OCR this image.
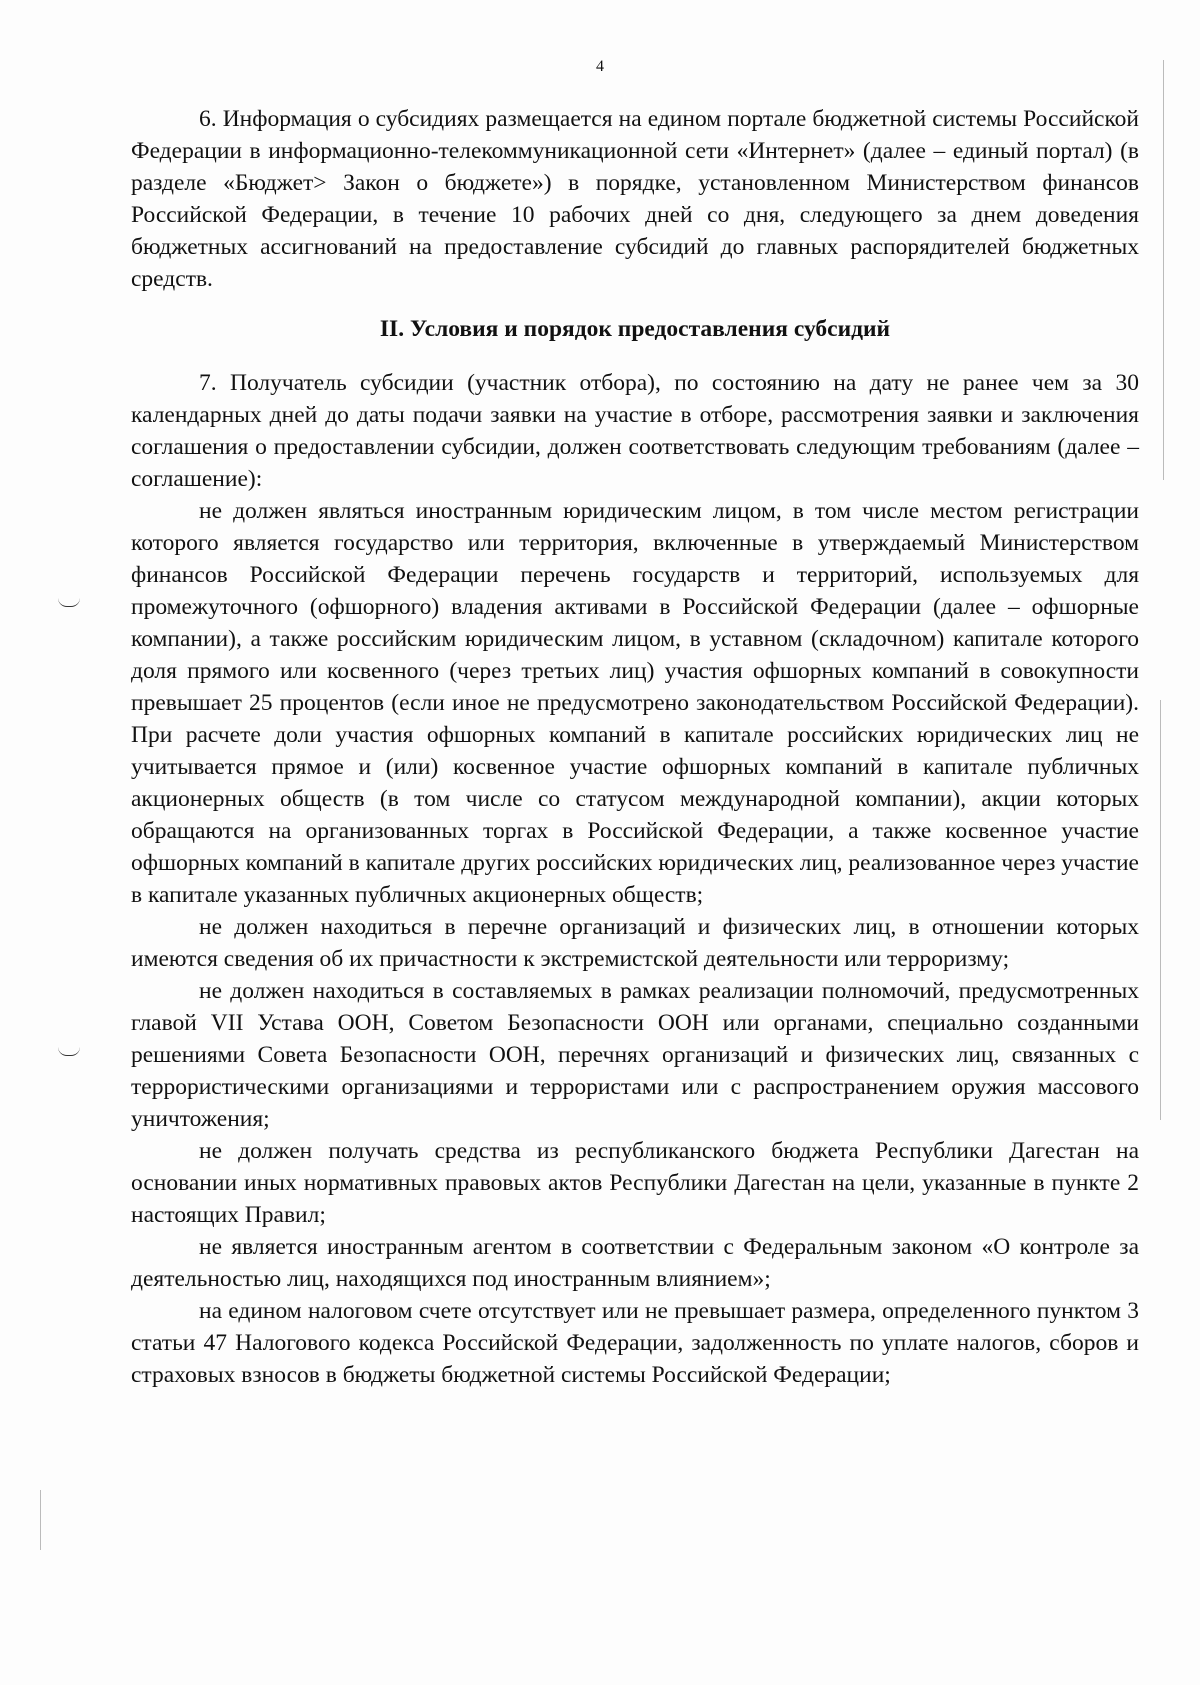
4

6. Информация о субсидиях размещается на едином портале бюджетной системы Российской Федерации в информационно-телекоммуникационной сети «Интернет» (далее – единый портал) (в разделе «Бюджет> Закон о бюджете») в порядке, установленном Министерством финансов Российской Федерации, в течение 10 рабочих дней со дня, следующего за днем доведения бюджетных ассигнований на предоставление субсидий до главных распорядителей бюджетных средств.

II. Условия и порядок предоставления субсидий

7. Получатель субсидии (участник отбора), по состоянию на дату не ранее чем за 30 календарных дней до даты подачи заявки на участие в отборе, рассмотрения заявки и заключения соглашения о предоставлении субсидии, должен соответствовать следующим требованиям (далее – соглашение):

не должен являться иностранным юридическим лицом, в том числе местом регистрации которого является государство или территория, включенные в утверждаемый Министерством финансов Российской Федерации перечень государств и территорий, используемых для промежуточного (офшорного) владения активами в Российской Федерации (далее – офшорные компании), а также российским юридическим лицом, в уставном (складочном) капитале которого доля прямого или косвенного (через третьих лиц) участия офшорных компаний в совокупности превышает 25 процентов (если иное не предусмотрено законодательством Российской Федерации). При расчете доли участия офшорных компаний в капитале российских юридических лиц не учитывается прямое и (или) косвенное участие офшорных компаний в капитале публичных акционерных обществ (в том числе со статусом международной компании), акции которых обращаются на организованных торгах в Российской Федерации, а также косвенное участие офшорных компаний в капитале других российских юридических лиц, реализованное через участие в капитале указанных публичных акционерных обществ;

не должен находиться в перечне организаций и физических лиц, в отношении которых имеются сведения об их причастности к экстремистской деятельности или терроризму;

не должен находиться в составляемых в рамках реализации полномочий, предусмотренных главой VII Устава ООН, Советом Безопасности ООН или органами, специально созданными решениями Совета Безопасности ООН, перечнях организаций и физических лиц, связанных с террористическими организациями и террористами или с распространением оружия массового уничтожения;

не должен получать средства из республиканского бюджета Республики Дагестан на основании иных нормативных правовых актов Республики Дагестан на цели, указанные в пункте 2 настоящих Правил;

не является иностранным агентом в соответствии с Федеральным законом «О контроле за деятельностью лиц, находящихся под иностранным влиянием»;

на едином налоговом счете отсутствует или не превышает размера, определенного пунктом 3 статьи 47 Налогового кодекса Российской Федерации, задолженность по уплате налогов, сборов и страховых взносов в бюджеты бюджетной системы Российской Федерации;
